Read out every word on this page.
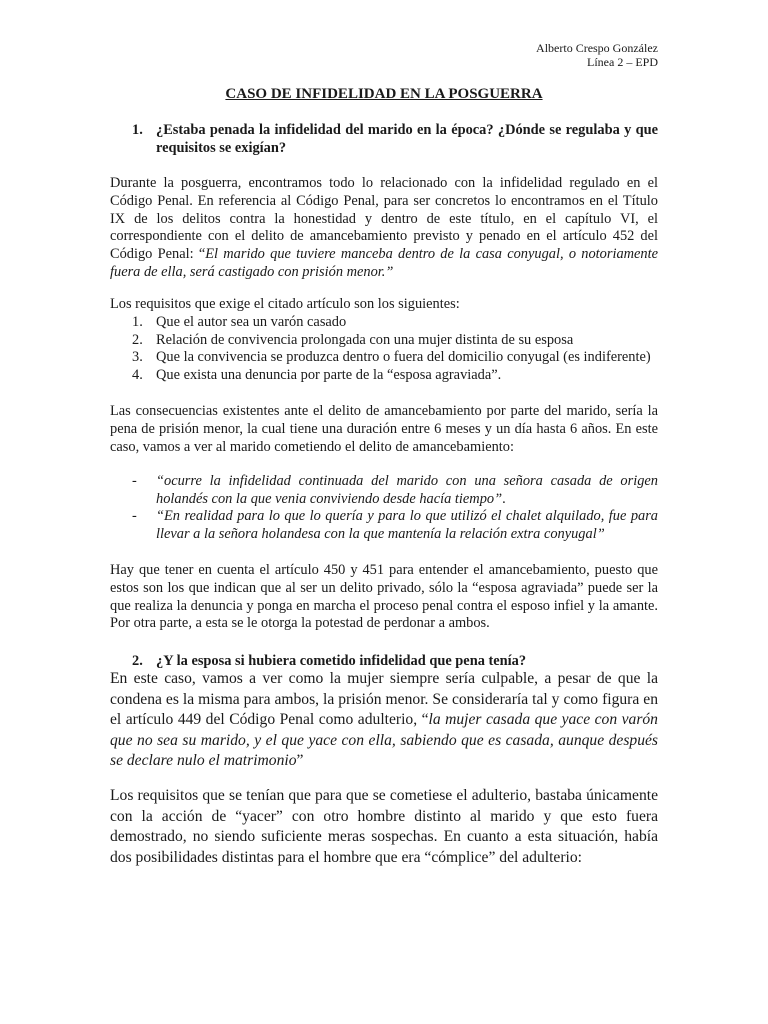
Alberto Crespo González
Línea 2 – EPD
CASO DE INFIDELIDAD EN LA POSGUERRA
1. ¿Estaba penada la infidelidad del marido en la época? ¿Dónde se regulaba y que requisitos se exigían?
Durante la posguerra, encontramos todo lo relacionado con la infidelidad regulado en el Código Penal. En referencia al Código Penal, para ser concretos lo encontramos en el Título IX de los delitos contra la honestidad y dentro de este título, en el capítulo VI, el correspondiente con el delito de amancebamiento previsto y penado en el artículo 452 del Código Penal: “El marido que tuviere manceba dentro de la casa conyugal, o notoriamente fuera de ella, será castigado con prisión menor.”
Los requisitos que exige el citado artículo son los siguientes:
1. Que el autor sea un varón casado
2. Relación de convivencia prolongada con una mujer distinta de su esposa
3. Que la convivencia se produzca dentro o fuera del domicilio conyugal (es indiferente)
4. Que exista una denuncia por parte de la “esposa agraviada”.
Las consecuencias existentes ante el delito de amancebamiento por parte del marido, sería la pena de prisión menor, la cual tiene una duración entre 6 meses y un día hasta 6 años. En este caso, vamos a ver al marido cometiendo el delito de amancebamiento:
- “ocurre la infidelidad continuada del marido con una señora casada de origen holandés con la que venia conviviendo desde hacía tiempo”.
- “En realidad para lo que lo quería y para lo que utilizó el chalet alquilado, fue para llevar a la señora holandesa con la que mantenía la relación extra conyugal”
Hay que tener en cuenta el artículo 450 y 451 para entender el amancebamiento, puesto que estos son los que indican que al ser un delito privado, sólo la “esposa agraviada” puede ser la que realiza la denuncia y ponga en marcha el proceso penal contra el esposo infiel y la amante. Por otra parte, a esta se le otorga la potestad de perdonar a ambos.
2. ¿Y la esposa si hubiera cometido infidelidad que pena tenía?
En este caso, vamos a ver como la mujer siempre sería culpable, a pesar de que la condena es la misma para ambos, la prisión menor. Se consideraría tal y como figura en el artículo 449 del Código Penal como adulterio, “la mujer casada que yace con varón que no sea su marido, y el que yace con ella, sabiendo que es casada, aunque después se declare nulo el matrimonio”
Los requisitos que se tenían que para que se cometiese el adulterio, bastaba únicamente con la acción de “yacer” con otro hombre distinto al marido y que esto fuera demostrado, no siendo suficiente meras sospechas. En cuanto a esta situación, había dos posibilidades distintas para el hombre que era “cómplice” del adulterio:
